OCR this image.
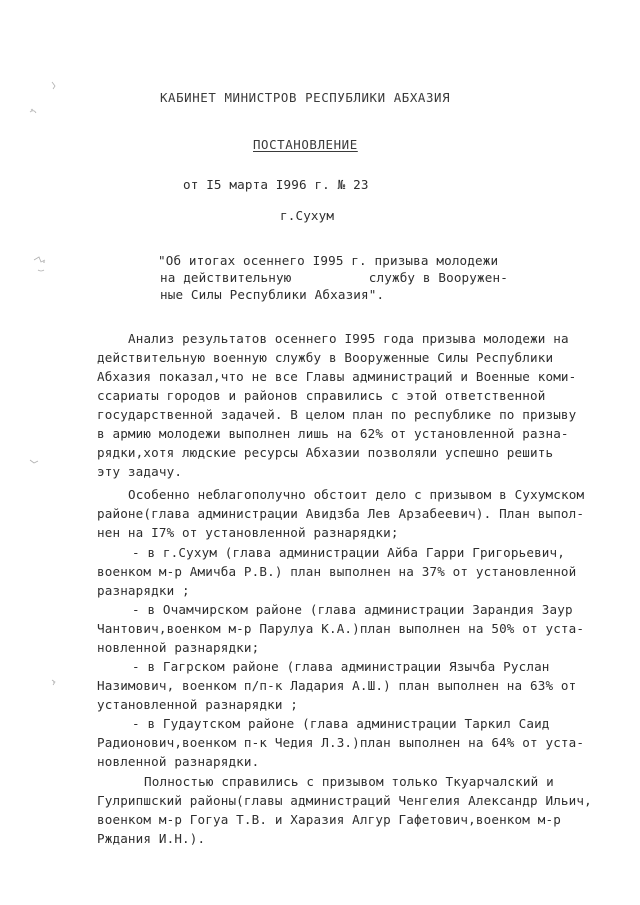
КАБИНЕТ МИНИСТРОВ РЕСПУБЛИКИ АБХАЗИЯ
ПОСТАНОВЛЕНИЕ
от I5 марта I996 г. № 23
г.Сухум
"Об итогах осеннего I995 г. призыва молодежи
на действительную          службу в Вооружен-
ные Силы Республики Абхазия".
Анализ результатов осеннего I995 года призыва молодежи на
действительную военную службу в Вооруженные Силы Республики
Абхазия показал,что не все Главы администраций и Военные коми-
ссариаты городов и районов справились с этой ответственной
государственной задачей. В целом план по республике по призыву
в армию молодежи выполнен лишь на 62% от установленной разна-
рядки,хотя людские ресурсы Абхазии позволяли успешно решить
эту задачу.
Особенно неблагополучно обстоит дело с призывом в Сухумском
районе(глава администрации Авидзба Лев Арзабеевич). План выпол-
нен на I7% от установленной разнарядки;
- в г.Сухум (глава администрации Айба Гарри Григорьевич,
военком м-р Амичба Р.В.) план выполнен на 37% от установленной
разнарядки ;
- в Очамчирском районе (глава администрации Зарандия Заур
Чантович,военком м-р Парулуа К.А.)план выполнен на 50% от уста-
новленной разнарядки;
- в Гагрском районе (глава администрации Язычба Руслан
Назимович, военком п/п-к Ладария А.Ш.) план выполнен на 63% от
установленной разнарядки ;
- в Гудаутском районе (глава администрации Таркил Саид
Радионович,военком п-к Чедия Л.З.)план выполнен на 64% от уста-
новленной разнарядки.
Полностью справились с призывом только Ткуарчалский и
Гулрипшский районы(главы администраций Ченгелия Александр Ильич,
военком м-р Гогуа Т.В. и Харазия Алгур Гафетович,военком м-р
Рждания И.Н.).
